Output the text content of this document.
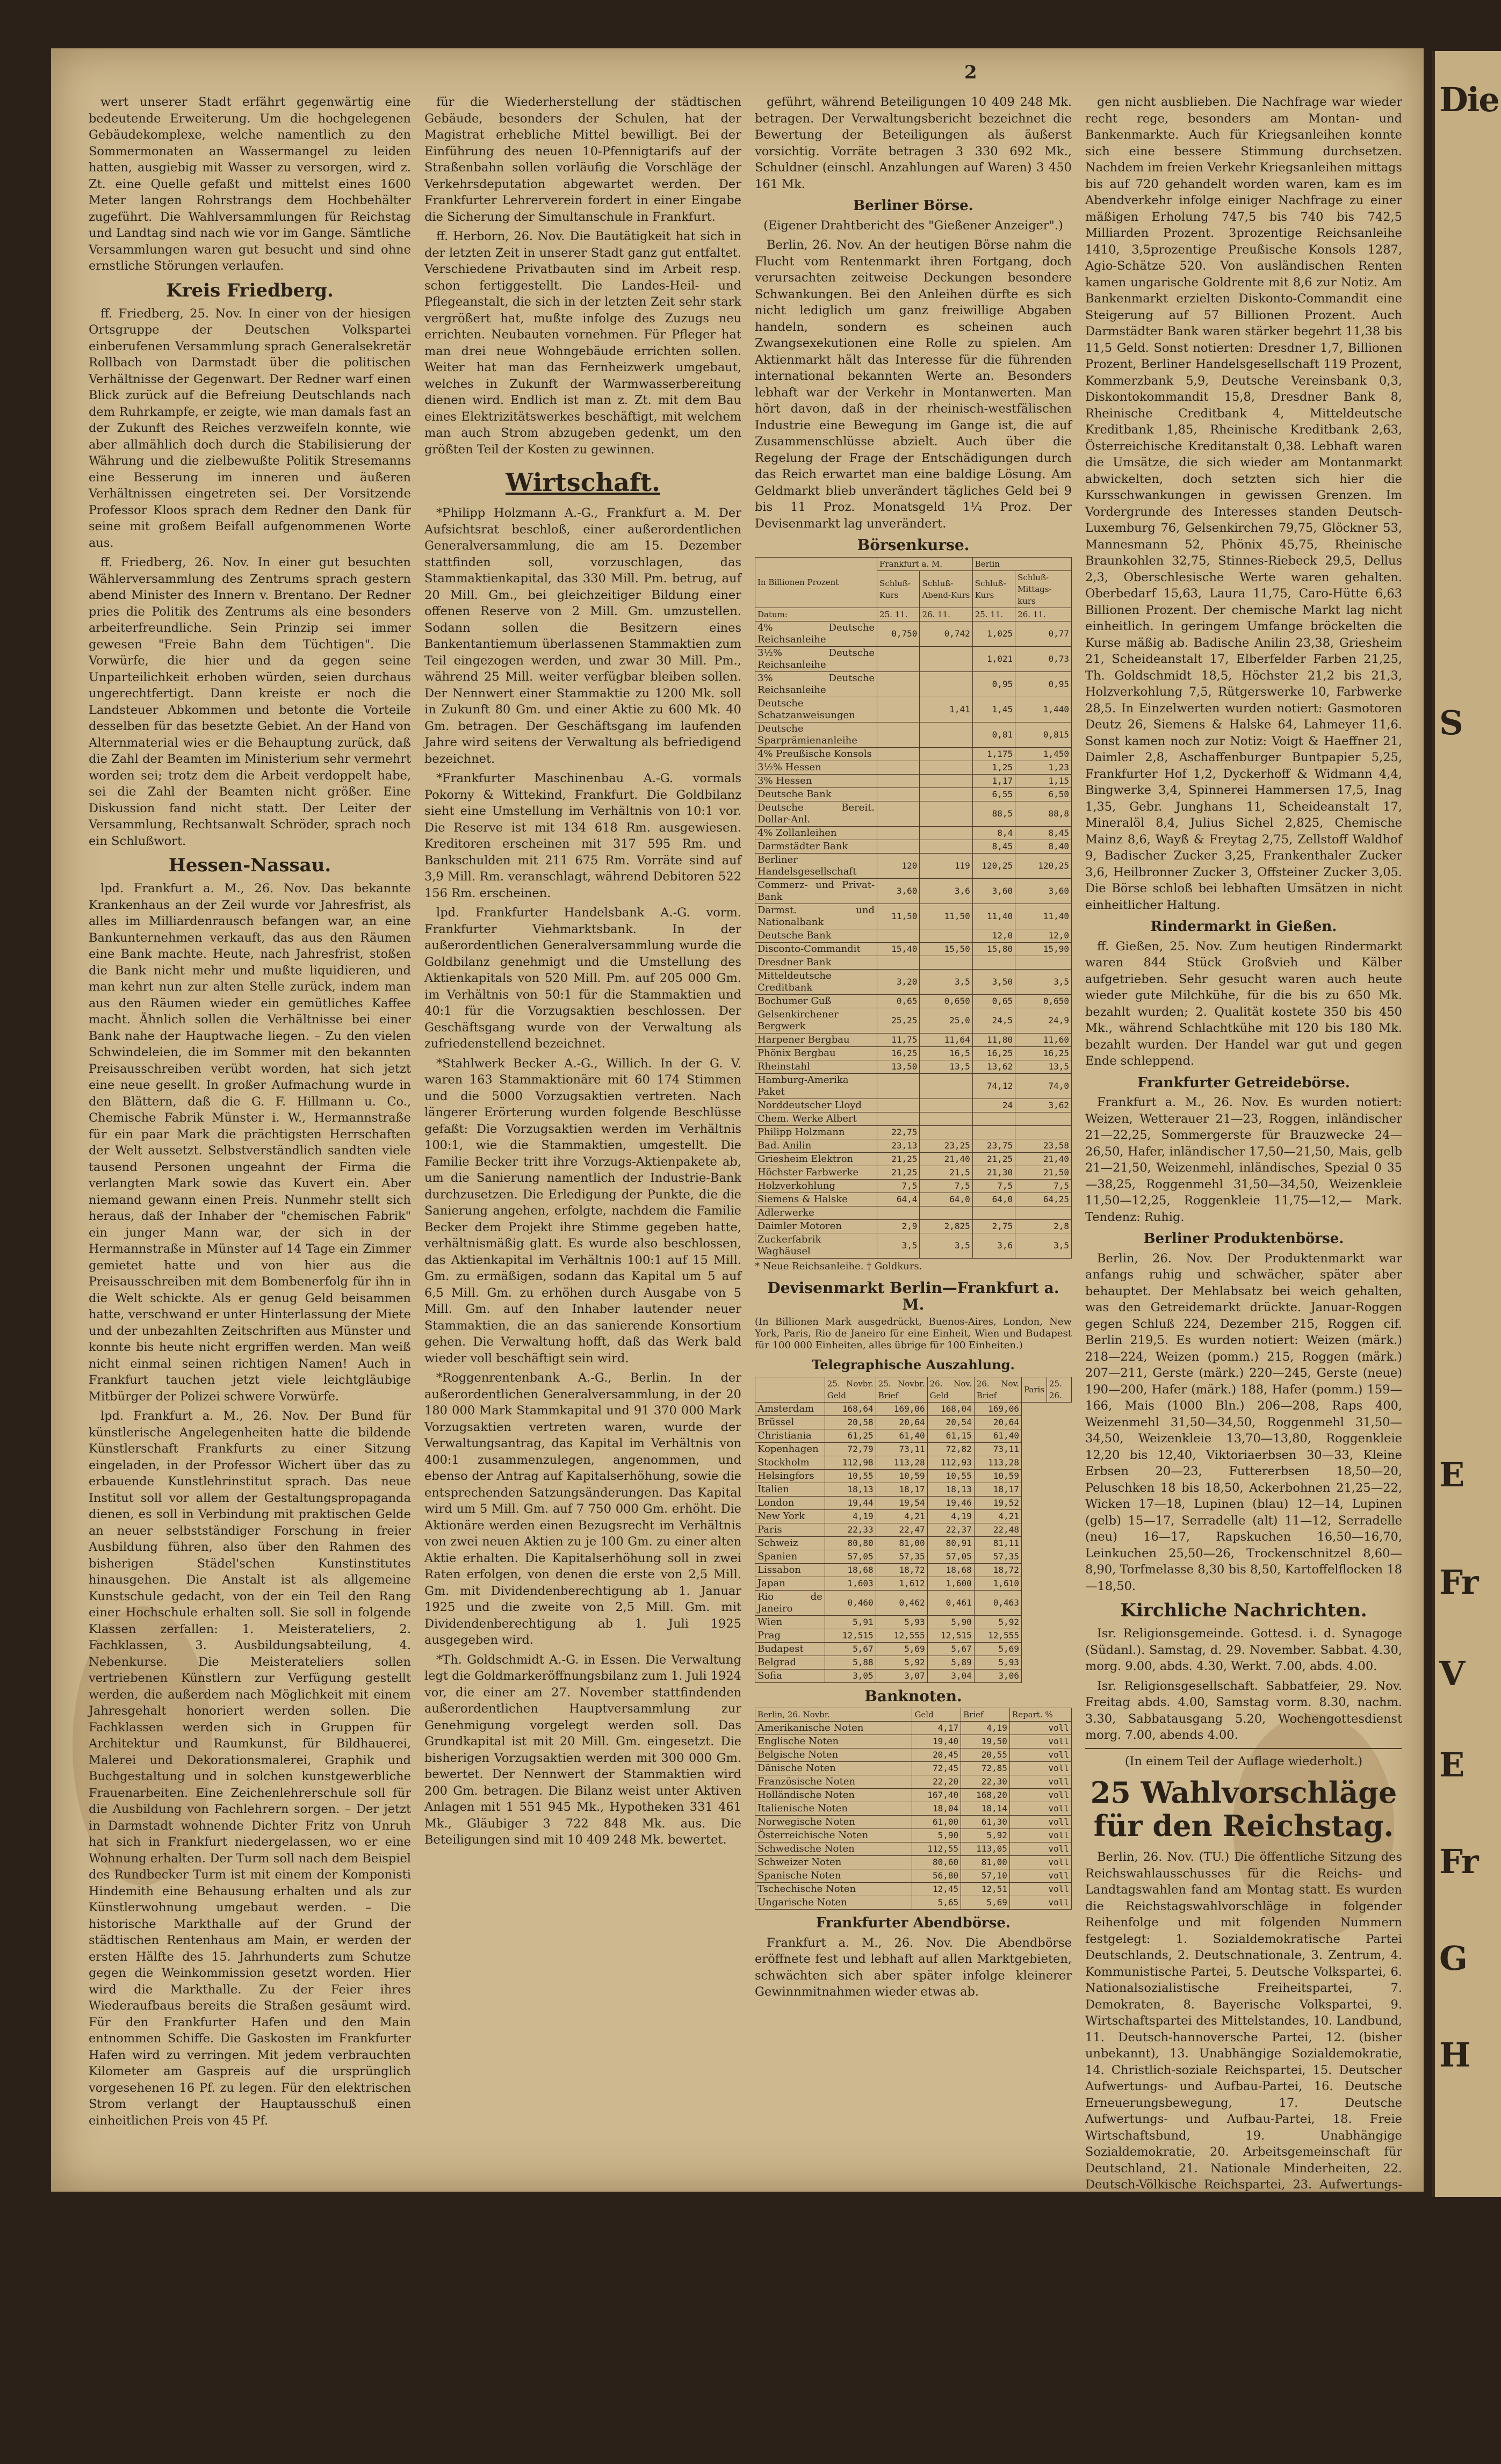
Die
S
E
Fr
V
E
Fr
G
H
2

wert unserer Stadt erfährt gegenwärtig eine bedeutende Erweiterung. Um die hochgelegenen Gebäudekomplexe, welche namentlich zu den Sommermonaten an Wassermangel zu leiden hatten, ausgiebig mit Wasser zu versorgen, wird z. Zt. eine Quelle gefaßt und mittelst eines 1600 Meter langen Rohrstrangs dem Hochbehälter zugeführt. Die Wahlversammlungen für Reichstag und Landtag sind nach wie vor im Gange. Sämtliche Versammlungen waren gut besucht und sind ohne ernstliche Störungen verlaufen.

Kreis Friedberg.

ff. Friedberg, 25. Nov. In einer von der hiesigen Ortsgruppe der Deutschen Volkspartei einberufenen Versammlung sprach Generalsekretär Rollbach von Darmstadt über die politischen Verhältnisse der Gegenwart. Der Redner warf einen Blick zurück auf die Befreiung Deutschlands nach dem Ruhrkampfe, er zeigte, wie man damals fast an der Zukunft des Reiches verzweifeln konnte, wie aber allmählich doch durch die Stabilisierung der Währung und die zielbewußte Politik Stresemanns eine Besserung im inneren und äußeren Verhältnissen eingetreten sei. Der Vorsitzende Professor Kloos sprach dem Redner den Dank für seine mit großem Beifall aufgenommenen Worte aus.

ff. Friedberg, 26. Nov. In einer gut besuchten Wählerversammlung des Zentrums sprach gestern abend Minister des Innern v. Brentano. Der Redner pries die Politik des Zentrums als eine besonders arbeiterfreundliche. Sein Prinzip sei immer gewesen "Freie Bahn dem Tüchtigen". Die Vorwürfe, die hier und da gegen seine Unparteilichkeit erhoben würden, seien durchaus ungerechtfertigt. Dann kreiste er noch die Landsteuer Abkommen und betonte die Vorteile desselben für das besetzte Gebiet. An der Hand von Alternmaterial wies er die Behauptung zurück, daß die Zahl der Beamten im Ministerium sehr vermehrt worden sei; trotz dem die Arbeit verdoppelt habe, sei die Zahl der Beamten nicht größer. Eine Diskussion fand nicht statt. Der Leiter der Versammlung, Rechtsanwalt Schröder, sprach noch ein Schlußwort.

Hessen-Nassau.

lpd. Frankfurt a. M., 26. Nov. Das bekannte Krankenhaus an der Zeil wurde vor Jahresfrist, als alles im Milliardenrausch befangen war, an eine Bankunternehmen verkauft, das aus den Räumen eine Bank machte. Heute, nach Jahresfrist, stoßen die Bank nicht mehr und mußte liquidieren, und man kehrt nun zur alten Stelle zurück, indem man aus den Räumen wieder ein gemütliches Kaffee macht. Ähnlich sollen die Verhältnisse bei einer Bank nahe der Hauptwache liegen. – Zu den vielen Schwindeleien, die im Sommer mit den bekannten Preisausschreiben verübt worden, hat sich jetzt eine neue gesellt. In großer Aufmachung wurde in den Blättern, daß die G. F. Hillmann u. Co., Chemische Fabrik Münster i. W., Hermannstraße für ein paar Mark die prächtigsten Herrschaften der Welt aussetzt. Selbstverständlich sandten viele tausend Personen ungeahnt der Firma die verlangten Mark sowie das Kuvert ein. Aber niemand gewann einen Preis. Nunmehr stellt sich heraus, daß der Inhaber der "chemischen Fabrik" ein junger Mann war, der sich in der Hermannstraße in Münster auf 14 Tage ein Zimmer gemietet hatte und von hier aus die Preisausschreiben mit dem Bombenerfolg für ihn in die Welt schickte. Als er genug Geld beisammen hatte, verschwand er unter Hinterlassung der Miete und der unbezahlten Zeitschriften aus Münster und konnte bis heute nicht ergriffen werden. Man weiß nicht einmal seinen richtigen Namen! Auch in Frankfurt tauchen jetzt viele leichtgläubige Mitbürger der Polizei schwere Vorwürfe.

lpd. Frankfurt a. M., 26. Nov. Der Bund für künstlerische Angelegenheiten hatte die bildende Künstlerschaft Frankfurts zu einer Sitzung eingeladen, in der Professor Wichert über das zu erbauende Kunstlehrinstitut sprach. Das neue Institut soll vor allem der Gestaltungspropaganda dienen, es soll in Verbindung mit praktischen Gelde an neuer selbstständiger Forschung in freier Ausbildung führen, also über den Rahmen des bisherigen Städel'schen Kunstinstitutes hinausgehen. Die Anstalt ist als allgemeine Kunstschule gedacht, von der ein Teil den Rang einer Hochschule erhalten soll. Sie soll in folgende Klassen zerfallen: 1. Meisterateliers, 2. Fachklassen, 3. Ausbildungsabteilung, 4. Nebenkurse. Die Meisterateliers sollen vertriebenen Künstlern zur Verfügung gestellt werden, die außerdem nach Möglichkeit mit einem Jahresgehalt honoriert werden sollen. Die Fachklassen werden sich in Gruppen für Architektur und Raumkunst, für Bildhauerei, Malerei und Dekorationsmalerei, Graphik und Buchgestaltung und in solchen kunstgewerbliche Frauenarbeiten. Eine Zeichenlehrerschule soll für die Ausbildung von Fachlehrern sorgen. – Der jetzt in Darmstadt wohnende Dichter Fritz von Unruh hat sich in Frankfurt niedergelassen, wo er eine Wohnung erhalten. Der Turm soll nach dem Beispiel des Rundbecker Turm ist mit einem der Komponisti Hindemith eine Behausung erhalten und als zur Künstlerwohnung umgebaut werden. – Die historische Markthalle auf der Grund der städtischen Rentenhaus am Main, er werden der ersten Hälfte des 15. Jahrhunderts zum Schutze gegen die Weinkommission gesetzt worden. Hier wird die Markthalle. Zu der Feier ihres Wiederaufbaus bereits die Straßen gesäumt wird. Für den Frankfurter Hafen und den Main entnommen Schiffe. Die Gaskosten im Frankfurter Hafen wird zu verringen. Mit jedem verbrauchten Kilometer am Gaspreis auf die ursprünglich vorgesehenen 16 Pf. zu legen. Für den elektrischen Strom verlangt der Hauptausschuß einen einheitlichen Preis von 45 Pf.

für die Wiederherstellung der städtischen Gebäude, besonders der Schulen, hat der Magistrat erhebliche Mittel bewilligt. Bei der Einführung des neuen 10-Pfennigtarifs auf der Straßenbahn sollen vorläufig die Vorschläge der Verkehrsdeputation abgewartet werden. Der Frankfurter Lehrerverein fordert in einer Eingabe die Sicherung der Simultanschule in Frankfurt.

ff. Herborn, 26. Nov. Die Bautätigkeit hat sich in der letzten Zeit in unserer Stadt ganz gut entfaltet. Verschiedene Privatbauten sind im Arbeit resp. schon fertiggestellt. Die Landes-Heil- und Pflegeanstalt, die sich in der letzten Zeit sehr stark vergrößert hat, mußte infolge des Zuzugs neu errichten. Neubauten vornehmen. Für Pfleger hat man drei neue Wohngebäude errichten sollen. Weiter hat man das Fernheizwerk umgebaut, welches in Zukunft der Warmwasserbereitung dienen wird. Endlich ist man z. Zt. mit dem Bau eines Elektrizitätswerkes beschäftigt, mit welchem man auch Strom abzugeben gedenkt, um den größten Teil der Kosten zu gewinnen.

Wirtschaft.

*Philipp Holzmann A.-G., Frankfurt a. M. Der Aufsichtsrat beschloß, einer außerordentlichen Generalversammlung, die am 15. Dezember stattfinden soll, vorzuschlagen, das Stammaktienkapital, das 330 Mill. Pm. betrug, auf 20 Mill. Gm., bei gleichzeitiger Bildung einer offenen Reserve von 2 Mill. Gm. umzustellen. Sodann sollen die Besitzern eines Bankentantiemum überlassenen Stammaktien zum Teil eingezogen werden, und zwar 30 Mill. Pm., während 25 Mill. weiter verfügbar bleiben sollen. Der Nennwert einer Stammaktie zu 1200 Mk. soll in Zukunft 80 Gm. und einer Aktie zu 600 Mk. 40 Gm. betragen. Der Geschäftsgang im laufenden Jahre wird seitens der Verwaltung als befriedigend bezeichnet.

*Frankfurter Maschinenbau A.-G. vormals Pokorny & Wittekind, Frankfurt. Die Goldbilanz sieht eine Umstellung im Verhältnis von 10:1 vor. Die Reserve ist mit 134 618 Rm. ausgewiesen. Kreditoren erscheinen mit 317 595 Rm. und Bankschulden mit 211 675 Rm. Vorräte sind auf 3,9 Mill. Rm. veranschlagt, während Debitoren 522 156 Rm. erscheinen.

lpd. Frankfurter Handelsbank A.-G. vorm. Frankfurter Viehmarktsbank. In der außerordentlichen Generalversammlung wurde die Goldbilanz genehmigt und die Umstellung des Aktienkapitals von 520 Mill. Pm. auf 205 000 Gm. im Verhältnis von 50:1 für die Stammaktien und 40:1 für die Vorzugsaktien beschlossen. Der Geschäftsgang wurde von der Verwaltung als zufriedenstellend bezeichnet.

*Stahlwerk Becker A.-G., Willich. In der G. V. waren 163 Stammaktionäre mit 60 174 Stimmen und die 5000 Vorzugsaktien vertreten. Nach längerer Erörterung wurden folgende Beschlüsse gefaßt: Die Vorzugsaktien werden im Verhältnis 100:1, wie die Stammaktien, umgestellt. Die Familie Becker tritt ihre Vorzugs-Aktienpakete ab, um die Sanierung namentlich der Industrie-Bank durchzusetzen. Die Erledigung der Punkte, die die Sanierung angehen, erfolgte, nachdem die Familie Becker dem Projekt ihre Stimme gegeben hatte, verhältnismäßig glatt. Es wurde also beschlossen, das Aktienkapital im Verhältnis 100:1 auf 15 Mill. Gm. zu ermäßigen, sodann das Kapital um 5 auf 6,5 Mill. Gm. zu erhöhen durch Ausgabe von 5 Mill. Gm. auf den Inhaber lautender neuer Stammaktien, die an das sanierende Konsortium gehen. Die Verwaltung hofft, daß das Werk bald wieder voll beschäftigt sein wird.

*Roggenrentenbank A.-G., Berlin. In der außerordentlichen Generalversammlung, in der 20 180 000 Mark Stammkapital und 91 370 000 Mark Vorzugsaktien vertreten waren, wurde der Verwaltungsantrag, das Kapital im Verhältnis von 400:1 zusammenzulegen, angenommen, und ebenso der Antrag auf Kapitalserhöhung, sowie die entsprechenden Satzungsänderungen. Das Kapital wird um 5 Mill. Gm. auf 7 750 000 Gm. erhöht. Die Aktionäre werden einen Bezugsrecht im Verhältnis von zwei neuen Aktien zu je 100 Gm. zu einer alten Aktie erhalten. Die Kapitalserhöhung soll in zwei Raten erfolgen, von denen die erste von 2,5 Mill. Gm. mit Dividendenberechtigung ab 1. Januar 1925 und die zweite von 2,5 Mill. Gm. mit Dividendenberechtigung ab 1. Juli 1925 ausgegeben wird.

*Th. Goldschmidt A.-G. in Essen. Die Verwaltung legt die Goldmarkeröffnungsbilanz zum 1. Juli 1924 vor, die einer am 27. November stattfindenden außerordentlichen Hauptversammlung zur Genehmigung vorgelegt werden soll. Das Grundkapital ist mit 20 Mill. Gm. eingesetzt. Die bisherigen Vorzugsaktien werden mit 300 000 Gm. bewertet. Der Nennwert der Stammaktien wird 200 Gm. betragen. Die Bilanz weist unter Aktiven Anlagen mit 1 551 945 Mk., Hypotheken 331 461 Mk., Gläubiger 3 722 848 Mk. aus. Die Beteiligungen sind mit 10 409 248 Mk. bewertet.

geführt, während Beteiligungen 10 409 248 Mk. betragen. Der Verwaltungsbericht bezeichnet die Bewertung der Beteiligungen als äußerst vorsichtig. Vorräte betragen 3 330 692 Mk., Schuldner (einschl. Anzahlungen auf Waren) 3 450 161 Mk.

Berliner Börse.

(Eigener Drahtbericht des "Gießener Anzeiger".)

Berlin, 26. Nov. An der heutigen Börse nahm die Flucht vom Rentenmarkt ihren Fortgang, doch verursachten zeitweise Deckungen besondere Schwankungen. Bei den Anleihen dürfte es sich nicht lediglich um ganz freiwillige Abgaben handeln, sondern es scheinen auch Zwangsexekutionen eine Rolle zu spielen. Am Aktienmarkt hält das Interesse für die führenden international bekannten Werte an. Besonders lebhaft war der Verkehr in Montanwerten. Man hört davon, daß in der rheinisch-westfälischen Industrie eine Bewegung im Gange ist, die auf Zusammenschlüsse abzielt. Auch über die Regelung der Frage der Entschädigungen durch das Reich erwartet man eine baldige Lösung. Am Geldmarkt blieb unverändert tägliches Geld bei 9 bis 11 Proz. Monatsgeld 1¼ Proz. Der Devisenmarkt lag unverändert.

Börsenkurse.
In Billionen Prozent	Frankfurt a. M.		Berlin	
	Schluß-Kurs	Schluß-Abend-Kurs	Schluß-Kurs	Schluß-Mittags-kurs
Datum:	25. 11.	26. 11.	25. 11.	26. 11.
4% Deutsche Reichsanleihe	0,750	0,742	1,025	0,77
3½% Deutsche Reichsanleihe			1,021	0,73
3% Deutsche Reichsanleihe			0,95	0,95
Deutsche Schatzanweisungen		1,41	1,45	1,440
Deutsche Sparprämienanleihe			0,81	0,815
4% Preußische Konsols			1,175	1,450
3½% Hessen			1,25	1,23
3% Hessen			1,17	1,15
Deutsche Bank			6,55	6,50
Deutsche Bereit. Dollar-Anl.			88,5	88,8
4% Zollanleihen			8,4	8,45
Darmstädter Bank			8,45	8,40
Berliner Handelsgesellschaft	120	119	120,25	120,25
Commerz- und Privat-Bank	3,60	3,6	3,60	3,60
Darmst. und Nationalbank	11,50	11,50	11,40	11,40
Deutsche Bank			12,0	12,0
Disconto-Commandit	15,40	15,50	15,80	15,90
Dresdner Bank				
Mitteldeutsche Creditbank	3,20	3,5	3,50	3,5
Bochumer Guß	0,65	0,650	0,65	0,650
Gelsenkirchener Bergwerk	25,25	25,0	24,5	24,9
Harpener Bergbau	11,75	11,64	11,80	11,60
Phönix Bergbau	16,25	16,5	16,25	16,25
Rheinstahl	13,50	13,5	13,62	13,5
Hamburg-Amerika Paket			74,12	74,0
Norddeutscher Lloyd			24	3,62
Chem. Werke Albert				
Philipp Holzmann	22,75			
Bad. Anilin	23,13	23,25	23,75	23,58
Griesheim Elektron	21,25	21,40	21,25	21,40
Höchster Farbwerke	21,25	21,5	21,30	21,50
Holzverkohlung	7,5	7,5	7,5	7,5
Siemens & Halske	64,4	64,0	64,0	64,25
Adlerwerke				
Daimler Motoren	2,9	2,825	2,75	2,8
Zuckerfabrik Waghäusel	3,5	3,5	3,6	3,5

* Neue Reichsanleihe. † Goldkurs.

Devisenmarkt Berlin—Frankfurt a. M.

(In Billionen Mark ausgedrückt, Buenos-Aires, London, New York, Paris, Rio de Janeiro für eine Einheit, Wien und Budapest für 100 000 Einheiten, alles übrige für 100 Einheiten.)

Telegraphische Auszahlung.
	25. Novbr. Geld	25. Novbr. Brief	26. Nov. Geld	26. Nov. Brief	Paris	25. 26.
Amsterdam	168,64	169,06	168,04	169,06		
Brüssel	20,58	20,64	20,54	20,64		
Christiania	61,25	61,40	61,15	61,40		
Kopenhagen	72,79	73,11	72,82	73,11		
Stockholm	112,98	113,28	112,93	113,28		
Helsingfors	10,55	10,59	10,55	10,59		
Italien	18,13	18,17	18,13	18,17		
London	19,44	19,54	19,46	19,52		
New York	4,19	4,21	4,19	4,21		
Paris	22,33	22,47	22,37	22,48		
Schweiz	80,80	81,00	80,91	81,11		
Spanien	57,05	57,35	57,05	57,35		
Lissabon	18,68	18,72	18,68	18,72		
Japan	1,603	1,612	1,600	1,610		
Rio de Janeiro	0,460	0,462	0,461	0,463		
Wien	5,91	5,93	5,90	5,92		
Prag	12,515	12,555	12,515	12,555		
Budapest	5,67	5,69	5,67	5,69		
Belgrad	5,88	5,92	5,89	5,93		
Sofia	3,05	3,07	3,04	3,06		
Banknoten.
Berlin, 26. Novbr.	Geld	Brief	Repart. %
Amerikanische Noten	4,17	4,19	voll
Englische Noten	19,40	19,50	voll
Belgische Noten	20,45	20,55	voll
Dänische Noten	72,45	72,85	voll
Französische Noten	22,20	22,30	voll
Holländische Noten	167,40	168,20	voll
Italienische Noten	18,04	18,14	voll
Norwegische Noten	61,00	61,30	voll
Österreichische Noten	5,90	5,92	voll
Schwedische Noten	112,55	113,05	voll
Schweizer Noten	80,60	81,00	voll
Spanische Noten	56,80	57,10	voll
Tschechische Noten	12,45	12,51	voll
Ungarische Noten	5,65	5,69	voll
Frankfurter Abendbörse.

Frankfurt a. M., 26. Nov. Die Abendbörse eröffnete fest und lebhaft auf allen Marktgebieten, schwächten sich aber später infolge kleinerer Gewinnmitnahmen wieder etwas ab.

gen nicht ausblieben. Die Nachfrage war wieder recht rege, besonders am Montan- und Bankenmarkte. Auch für Kriegsanleihen konnte sich eine bessere Stimmung durchsetzen. Nachdem im freien Verkehr Kriegsanleihen mittags bis auf 720 gehandelt worden waren, kam es im Abendverkehr infolge einiger Nachfrage zu einer mäßigen Erholung 747,5 bis 740 bis 742,5 Milliarden Prozent. 3prozentige Reichsanleihe 1410, 3,5prozentige Preußische Konsols 1287, Agio-Schätze 520. Von ausländischen Renten kamen ungarische Goldrente mit 8,6 zur Notiz. Am Bankenmarkt erzielten Diskonto-Commandit eine Steigerung auf 57 Billionen Prozent. Auch Darmstädter Bank waren stärker begehrt 11,38 bis 11,5 Geld. Sonst notierten: Dresdner 1,7, Billionen Prozent, Berliner Handelsgesellschaft 119 Prozent, Kommerzbank 5,9, Deutsche Vereinsbank 0,3, Diskontokommandit 15,8, Dresdner Bank 8, Rheinische Creditbank 4, Mitteldeutsche Kreditbank 1,85, Rheinische Kreditbank 2,63, Österreichische Kreditanstalt 0,38. Lebhaft waren die Umsätze, die sich wieder am Montanmarkt abwickelten, doch setzten sich hier die Kursschwankungen in gewissen Grenzen. Im Vordergrunde des Interesses standen Deutsch-Luxemburg 76, Gelsenkirchen 79,75, Glöckner 53, Mannesmann 52, Phönix 45,75, Rheinische Braunkohlen 32,75, Stinnes-Riebeck 29,5, Dellus 2,3, Oberschlesische Werte waren gehalten. Oberbedarf 15,63, Laura 11,75, Caro-Hütte 6,63 Billionen Prozent. Der chemische Markt lag nicht einheitlich. In geringem Umfange bröckelten die Kurse mäßig ab. Badische Anilin 23,38, Griesheim 21, Scheideanstalt 17, Elberfelder Farben 21,25, Th. Goldschmidt 18,5, Höchster 21,2 bis 21,3, Holzverkohlung 7,5, Rütgerswerke 10, Farbwerke 28,5. In Einzelwerten wurden notiert: Gasmotoren Deutz 26, Siemens & Halske 64, Lahmeyer 11,6. Sonst kamen noch zur Notiz: Voigt & Haeffner 21, Daimler 2,8, Aschaffenburger Buntpapier 5,25, Frankfurter Hof 1,2, Dyckerhoff & Widmann 4,4, Bingwerke 3,4, Spinnerei Hammersen 17,5, Inag 1,35, Gebr. Junghans 11, Scheideanstalt 17, Mineralöl 8,4, Julius Sichel 2,825, Chemische Mainz 8,6, Wayß & Freytag 2,75, Zellstoff Waldhof 9, Badischer Zucker 3,25, Frankenthaler Zucker 3,6, Heilbronner Zucker 3, Offsteiner Zucker 3,05. Die Börse schloß bei lebhaften Umsätzen in nicht einheitlicher Haltung.

Rindermarkt in Gießen.

ff. Gießen, 25. Nov. Zum heutigen Rindermarkt waren 844 Stück Großvieh und Kälber aufgetrieben. Sehr gesucht waren auch heute wieder gute Milchkühe, für die bis zu 650 Mk. bezahlt wurden; 2. Qualität kostete 350 bis 450 Mk., während Schlachtkühe mit 120 bis 180 Mk. bezahlt wurden. Der Handel war gut und gegen Ende schleppend.

Frankfurter Getreidebörse.

Frankfurt a. M., 26. Nov. Es wurden notiert: Weizen, Wetterauer 21—23, Roggen, inländischer 21—22,25, Sommergerste für Brauzwecke 24—26,50, Hafer, inländischer 17,50—21,50, Mais, gelb 21—21,50, Weizenmehl, inländisches, Spezial 0 35—38,25, Roggenmehl 31,50—34,50, Weizenkleie 11,50—12,25, Roggenkleie 11,75—12,— Mark. Tendenz: Ruhig.

Berliner Produktenbörse.

Berlin, 26. Nov. Der Produktenmarkt war anfangs ruhig und schwächer, später aber behauptet. Der Mehlabsatz bei weich gehalten, was den Getreidemarkt drückte. Januar-Roggen gegen Schluß 224, Dezember 215, Roggen cif. Berlin 219,5. Es wurden notiert: Weizen (märk.) 218—224, Weizen (pomm.) 215, Roggen (märk.) 207—211, Gerste (märk.) 220—245, Gerste (neue) 190—200, Hafer (märk.) 188, Hafer (pomm.) 159—166, Mais (1000 Bln.) 206—208, Raps 400, Weizenmehl 31,50—34,50, Roggenmehl 31,50—34,50, Weizenkleie 13,70—13,80, Roggenkleie 12,20 bis 12,40, Viktoriaerbsen 30—33, Kleine Erbsen 20—23, Futtererbsen 18,50—20, Peluschken 18 bis 18,50, Ackerbohnen 21,25—22, Wicken 17—18, Lupinen (blau) 12—14, Lupinen (gelb) 15—17, Serradelle (alt) 11—12, Serradelle (neu) 16—17, Rapskuchen 16,50—16,70, Leinkuchen 25,50—26, Trockenschnitzel 8,60—8,90, Torfmelasse 8,30 bis 8,50, Kartoffelflocken 18—18,50.

Kirchliche Nachrichten.

Isr. Religionsgemeinde. Gottesd. i. d. Synagoge (Südanl.). Samstag, d. 29. November. Sabbat. 4.30, morg. 9.00, abds. 4.30, Werkt. 7.00, abds. 4.00.

Isr. Religionsgesellschaft. Sabbatfeier, 29. Nov. Freitag abds. 4.00, Samstag vorm. 8.30, nachm. 3.30, Sabbatausgang 5.20, Wochengottesdienst morg. 7.00, abends 4.00.

(In einem Teil der Auflage wiederholt.)

25 Wahlvorschläge für den Reichstag.

Berlin, 26. Nov. (TU.) Die öffentliche Sitzung des Reichswahlausschusses für die Reichs- und Landtagswahlen fand am Montag statt. Es wurden die Reichstagswahlvorschläge in folgender Reihenfolge und mit folgenden Nummern festgelegt: 1. Sozialdemokratische Partei Deutschlands, 2. Deutschnationale, 3. Zentrum, 4. Kommunistische Partei, 5. Deutsche Volkspartei, 6. Nationalsozialistische Freiheitspartei, 7. Demokraten, 8. Bayerische Volkspartei, 9. Wirtschaftspartei des Mittelstandes, 10. Landbund, 11. Deutsch-hannoversche Partei, 12. (bisher unbekannt), 13. Unabhängige Sozialdemokratie, 14. Christlich-soziale Reichspartei, 15. Deutscher Aufwertungs- und Aufbau-Partei, 16. Deutsche Erneuerungsbewegung, 17. Deutsche Aufwertungs- und Aufbau-Partei, 18. Freie Wirtschaftsbund, 19. Unabhängige Sozialdemokratie, 20. Arbeitsgemeinschaft für Deutschland, 21. Nationale Minderheiten, 22. Deutsch-Völkische Reichspartei, 23. Aufwertungs- und Aufbaupartei, 24. Mieterpartei Deutschlands, 25. Partei für Volkswohlfahrt (Mieterschutz und Bodenrecht).

Große Freude herrscht im Hause

wenn Muttern das Kaffee-Getränk mit Werner Breuer Kaffee-Surrogat hergestellt hat. Denn Werner Breuer gibt dem Kaffee, Malz-, Korn- und Feigenkaffee- Ersatz schöne, dunkle Farbe, kräftigen, aromatisch-würzigen Geschmack und man spart bis zur Hälfte Kaffee oder Kaffee-Ersatz.

Erhältlich in den Kolonialwarengeschäften.
